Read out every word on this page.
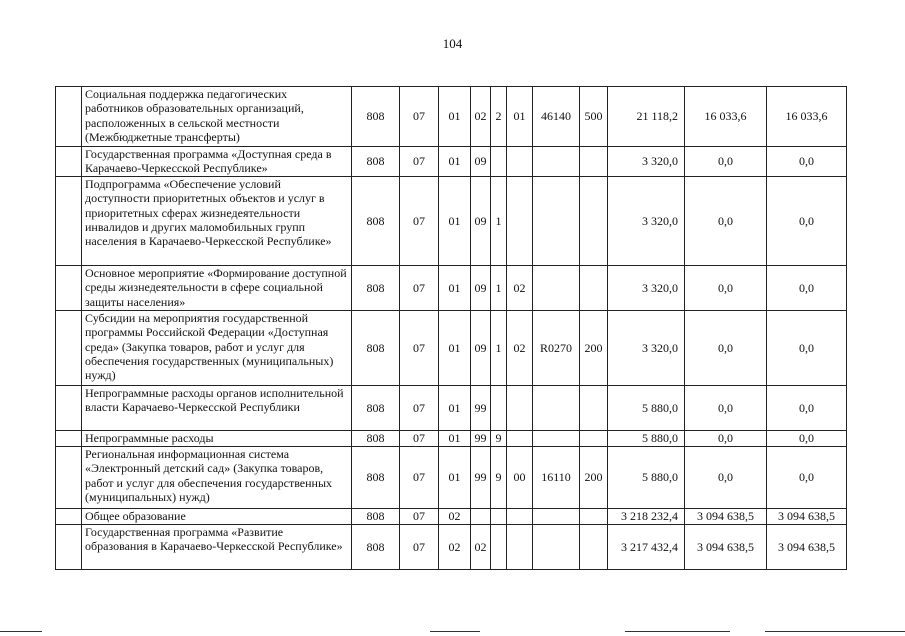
104
	Социальная поддержка педагогических работников образовательных организаций, расположенных в сельской местности (Межбюджетные трансферты)	808	07	01	02	2	01	46140	500	21 118,2	16 033,6	16 033,6
	Государственная программа «Доступная среда в Карачаево-Черкесской Республике»	808	07	01	09					3 320,0	0,0	0,0
	Подпрограмма «Обеспечение условий доступности приоритетных объектов и услуг в приоритетных сферах жизнедеятельности инвалидов и других маломобильных групп населения в Карачаево-Черкесской Республике»	808	07	01	09	1				3 320,0	0,0	0,0
	Основное мероприятие «Формирование доступной среды жизнедеятельности в сфере социальной защиты населения»	808	07	01	09	1	02			3 320,0	0,0	0,0
	Субсидии на мероприятия государственной программы Российской Федерации «Доступная среда» (Закупка товаров, работ и услуг для обеспечения государственных (муниципальных) нужд)	808	07	01	09	1	02	R0270	200	3 320,0	0,0	0,0
	Непрограммные расходы органов исполнительной власти Карачаево-Черкесской Республики	808	07	01	99					5 880,0	0,0	0,0
	Непрограммные расходы	808	07	01	99	9				5 880,0	0,0	0,0
	Региональная информационная система «Электронный детский сад» (Закупка товаров, работ и услуг для обеспечения государственных (муниципальных) нужд)	808	07	01	99	9	00	16110	200	5 880,0	0,0	0,0
	Общее образование	808	07	02						3 218 232,4	3 094 638,5	3 094 638,5
	Государственная программа «Развитие образования в Карачаево-Черкесской Республике»	808	07	02	02					3 217 432,4	3 094 638,5	3 094 638,5
